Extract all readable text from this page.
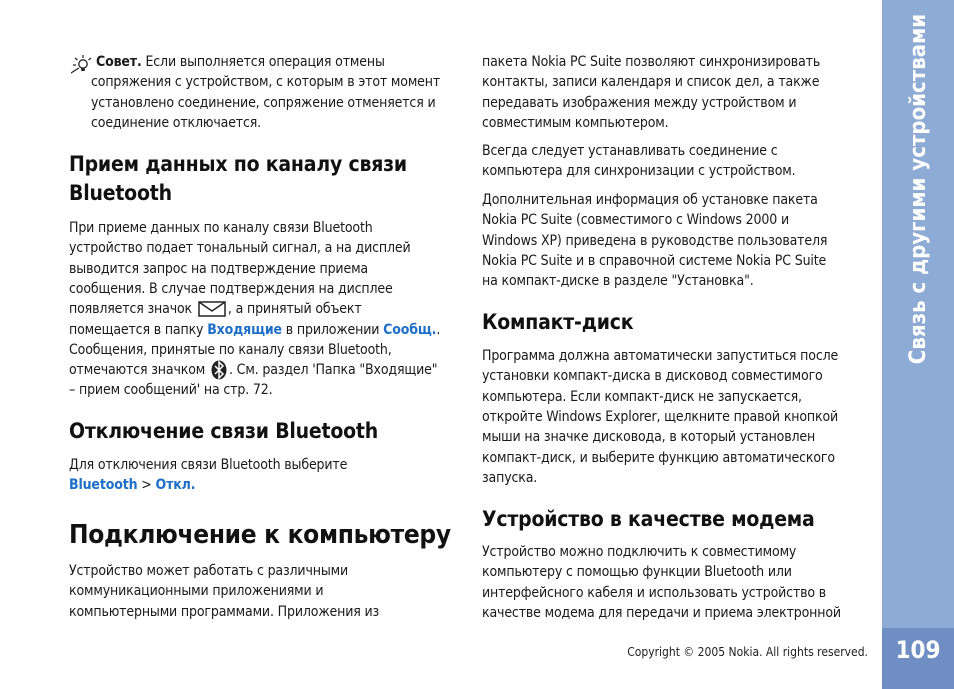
Совет. Если выполняется операция отмены

сопряжения с устройством, с которым в этот момент

установлено соединение, сопряжение отменяется и

соединение отключается.

Прием данных по каналу связи

Bluetooth

При приеме данных по каналу связи Bluetooth

устройство подает тональный сигнал, а на дисплей

выводится запрос на подтверждение приема

сообщения. В случае подтверждения на дисплее

появляется значок	, а принятый объект

помещается в папку Входящие в приложении Сообщ..

Сообщения, принятые по каналу связи Bluetooth,

отмечаются значком . См. раздел 'Папка "Входящие"

– прием сообщений' на стр. 72.

Отключение связи Bluetooth

Для отключения связи Bluetooth выберите

Bluetooth > Откл.

Подключение к компьютеру

Устройство может работать с различными

коммуникационными приложениями и

компьютерными программами. Приложения из

пакета Nokia PC Suite позволяют синхронизировать

контакты, записи календаря и список дел, а также

передавать изображения между устройством и

совместимым компьютером.

Всегда следует устанавливать соединение с

компьютера для синхронизации с устройством.

Дополнительная информация об установке пакета

Nokia PC Suite (совместимого с Windows 2000 и

Windows XP) приведена в руководстве пользователя

Nokia PC Suite и в справочной системе Nokia PC Suite

на компакт-диске в разделе "Установка".

Компакт-диск

Программа должна автоматически запуститься после

установки компакт-диска в дисковод совместимого

компьютера. Если компакт-диск не запускается,

откройте Windows Explorer, щелкните правой кнопкой

мыши на значке дисковода, в который установлен

компакт-диск, и выберите функцию автоматического

запуска.

Устройство в качестве модема

Устройство можно подключить к совместимому

компьютеру с помощью функции Bluetooth или

интерфейсного кабеля и использовать устройство в

качестве модема для передачи и приема электронной

Copyright © 2005 Nokia. All rights reserved.
Связь с другими устройствами
109
